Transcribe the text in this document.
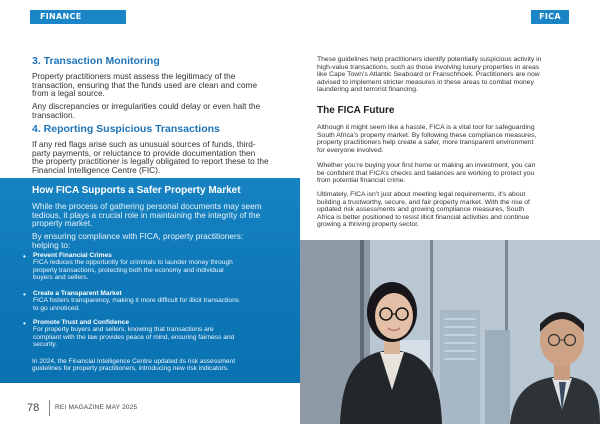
FINANCE	FICA
3. Transaction Monitoring
Property practitioners must assess the legitimacy of the
transaction, ensuring that the funds used are clean and come
from a legal source.
Any discrepancies or irregularities could delay or even halt the
transaction.
4. Reporting Suspicious Transactions
If any red flags arise such as unusual sources of funds, third-
party payments, or reluctance to provide documentation then
the property practitioner is legally obligated to report these to the
Financial Intelligence Centre (FIC).
How FICA Supports a Safer Property Market
While the process of gathering personal documents may seem
tedious, it plays a crucial role in maintaining the integrity of the
property market.
By ensuring compliance with FICA, property practitioners:
helping to:
• Prevent Financial Crimes
FICA reduces the opportunity for criminals to launder money through
property transactions, protecting both the economy and individual
buyers and sellers.
• Create a Transparent Market
FICA fosters transparency, making it more difficult for illicit transactions
to go unnoticed.
• Promote Trust and Confidence
For property buyers and sellers, knowing that transactions are
compliant with the law provides peace of mind, ensuring fairness and
security.
In 2024, the Financial Intelligence Centre updated its risk assessment
guidelines for property practitioners, introducing new risk indicators.
78 REI MAGAZINE MAY 2025
These guidelines help practitioners identify potentially suspicious activity in
high-value transactions, such as those involving luxury properties in areas
like Cape Town’s Atlantic Seaboard or Franschhoek. Practitioners are now
advised to implement stricter measures in these areas to combat money
laundering and terrorist financing.
The FICA Future
Although it might seem like a hassle, FICA is a vital tool for safeguarding
South Africa’s property market. By following these compliance measures,
property practitioners help create a safer, more transparent environment
for everyone involved.
Whether you’re buying your first home or making an investment, you can
be confident that FICA’s checks and balances are working to protect you
from potential financial crime.
Ultimately, FICA isn’t just about meeting legal requirements, it’s about
building a trustworthy, secure, and fair property market. With the rise of
updated risk assessments and growing compliance measures, South
Africa is better positioned to resist illicit financial activities and continue
growing a thriving property sector.
